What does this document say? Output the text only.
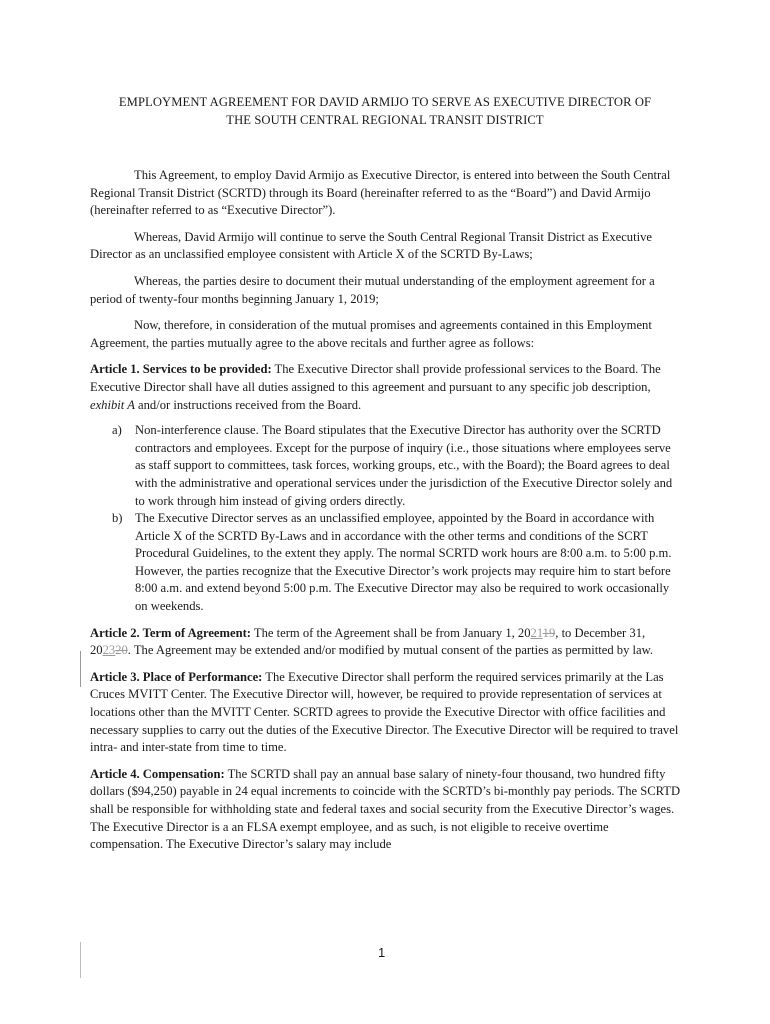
EMPLOYMENT AGREEMENT FOR DAVID ARMIJO TO SERVE AS EXECUTIVE DIRECTOR OF
THE SOUTH CENTRAL REGIONAL TRANSIT DISTRICT

This Agreement, to employ David Armijo as Executive Director, is entered into between the South Central Regional Transit District (SCRTD) through its Board (hereinafter referred to as the “Board”) and David Armijo (hereinafter referred to as “Executive Director”).

Whereas, David Armijo will continue to serve the South Central Regional Transit District as Executive Director as an unclassified employee consistent with Article X of the SCRTD By-Laws;

Whereas, the parties desire to document their mutual understanding of the employment agreement for a period of twenty-four months beginning January 1, 2019;

Now, therefore, in consideration of the mutual promises and agreements contained in this Employment Agreement, the parties mutually agree to the above recitals and further agree as follows:

Article 1. Services to be provided: The Executive Director shall provide professional services to the Board. The Executive Director shall have all duties assigned to this agreement and pursuant to any specific job description, exhibit A and/or instructions received from the Board.

a) Non-interference clause. The Board stipulates that the Executive Director has authority over the SCRTD contractors and employees. Except for the purpose of inquiry (i.e., those situations where employees serve as staff support to committees, task forces, working groups, etc., with the Board); the Board agrees to deal with the administrative and operational services under the jurisdiction of the Executive Director solely and to work through him instead of giving orders directly.
b) The Executive Director serves as an unclassified employee, appointed by the Board in accordance with Article X of the SCRTD By-Laws and in accordance with the other terms and conditions of the SCRT Procedural Guidelines, to the extent they apply. The normal SCRTD work hours are 8:00 a.m. to 5:00 p.m. However, the parties recognize that the Executive Director’s work projects may require him to start before 8:00 a.m. and extend beyond 5:00 p.m. The Executive Director may also be required to work occasionally on weekends.

Article 2. Term of Agreement: The term of the Agreement shall be from January 1, 202119, to December 31, 202320. The Agreement may be extended and/or modified by mutual consent of the parties as permitted by law.

Article 3. Place of Performance: The Executive Director shall perform the required services primarily at the Las Cruces MVITT Center. The Executive Director will, however, be required to provide representation of services at locations other than the MVITT Center. SCRTD agrees to provide the Executive Director with office facilities and necessary supplies to carry out the duties of the Executive Director. The Executive Director will be required to travel intra- and inter-state from time to time.

Article 4. Compensation: The SCRTD shall pay an annual base salary of ninety-four thousand, two hundred fifty dollars ($94,250) payable in 24 equal increments to coincide with the SCRTD’s bi-monthly pay periods. The SCRTD shall be responsible for withholding state and federal taxes and social security from the Executive Director’s wages. The Executive Director is a an FLSA exempt employee, and as such, is not eligible to receive overtime compensation. The Executive Director’s salary may include

1
